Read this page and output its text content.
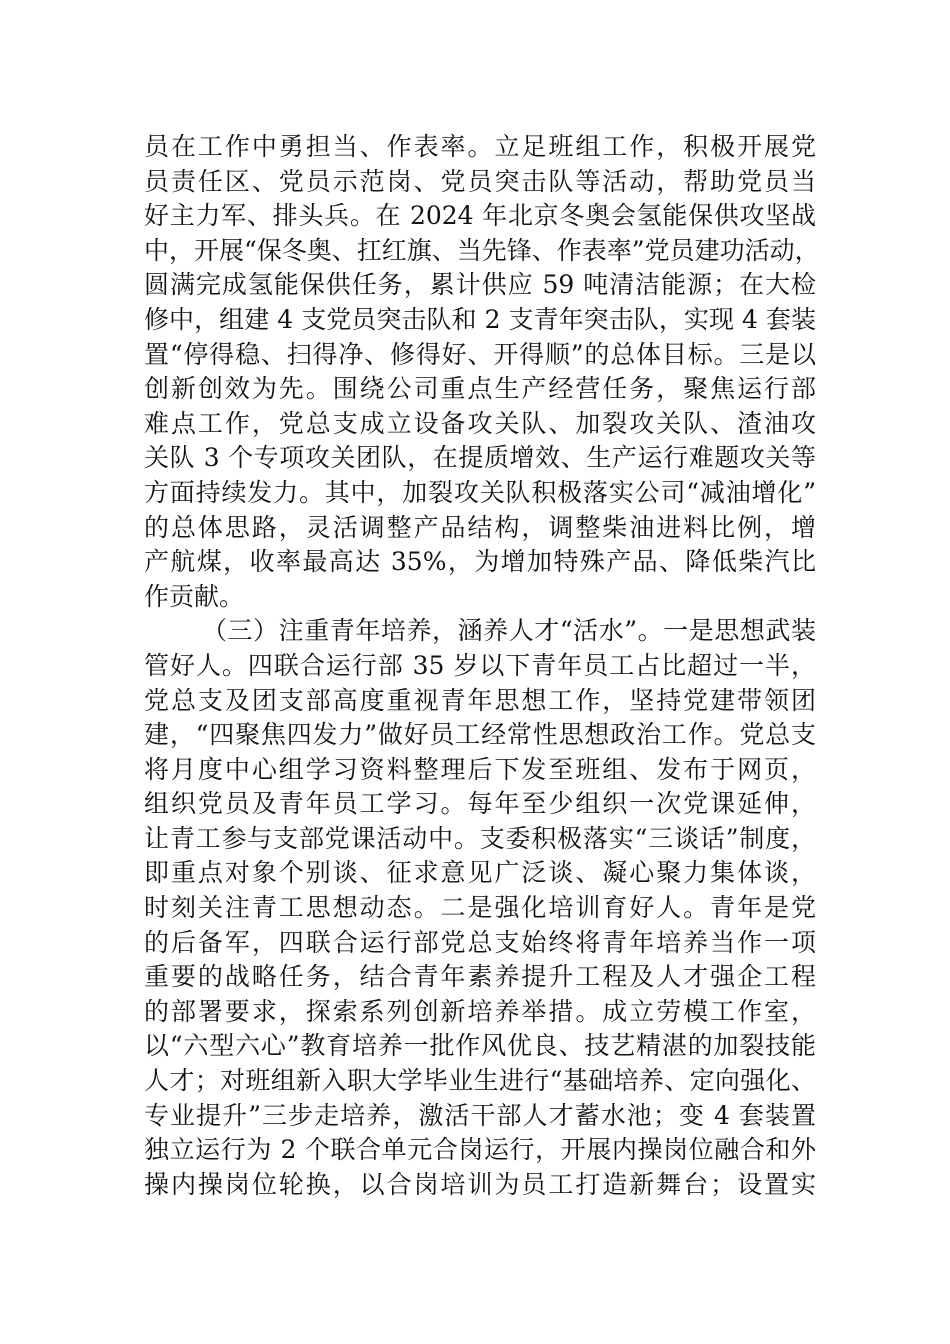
员在工作中勇担当、作表率。立足班组工作，积极开展党
员责任区、党员示范岗、党员突击队等活动，帮助党员当
好主力军、排头兵。在 2024 年北京冬奥会氢能保供攻坚战
中，开展“保冬奥、扛红旗、当先锋、作表率”党员建功活动，
圆满完成氢能保供任务，累计供应 59 吨清洁能源；在大检
修中，组建 4 支党员突击队和 2 支青年突击队，实现 4 套装
置“停得稳、扫得净、修得好、开得顺”的总体目标。三是以
创新创效为先。围绕公司重点生产经营任务，聚焦运行部
难点工作，党总支成立设备攻关队、加裂攻关队、渣油攻
关队 3 个专项攻关团队，在提质增效、生产运行难题攻关等
方面持续发力。其中，加裂攻关队积极落实公司“减油增化”
的总体思路，灵活调整产品结构，调整柴油进料比例，增
产航煤，收率最高达 35%，为增加特殊产品、降低柴汽比
作贡献。
（三）注重青年培养，涵养人才“活水”。一是思想武装
管好人。四联合运行部 35 岁以下青年员工占比超过一半，
党总支及团支部高度重视青年思想工作，坚持党建带领团
建，“四聚焦四发力”做好员工经常性思想政治工作。党总支
将月度中心组学习资料整理后下发至班组、发布于网页，
组织党员及青年员工学习。每年至少组织一次党课延伸，
让青工参与支部党课活动中。支委积极落实“三谈话”制度，
即重点对象个别谈、征求意见广泛谈、凝心聚力集体谈，
时刻关注青工思想动态。二是强化培训育好人。青年是党
的后备军，四联合运行部党总支始终将青年培养当作一项
重要的战略任务，结合青年素养提升工程及人才强企工程
的部署要求，探索系列创新培养举措。成立劳模工作室，
以“六型六心”教育培养一批作风优良、技艺精湛的加裂技能
人才；对班组新入职大学毕业生进行“基础培养、定向强化、
专业提升”三步走培养，激活干部人才蓄水池；变 4 套装置
独立运行为 2 个联合单元合岗运行，开展内操岗位融合和外
操内操岗位轮换，以合岗培训为员工打造新舞台；设置实
